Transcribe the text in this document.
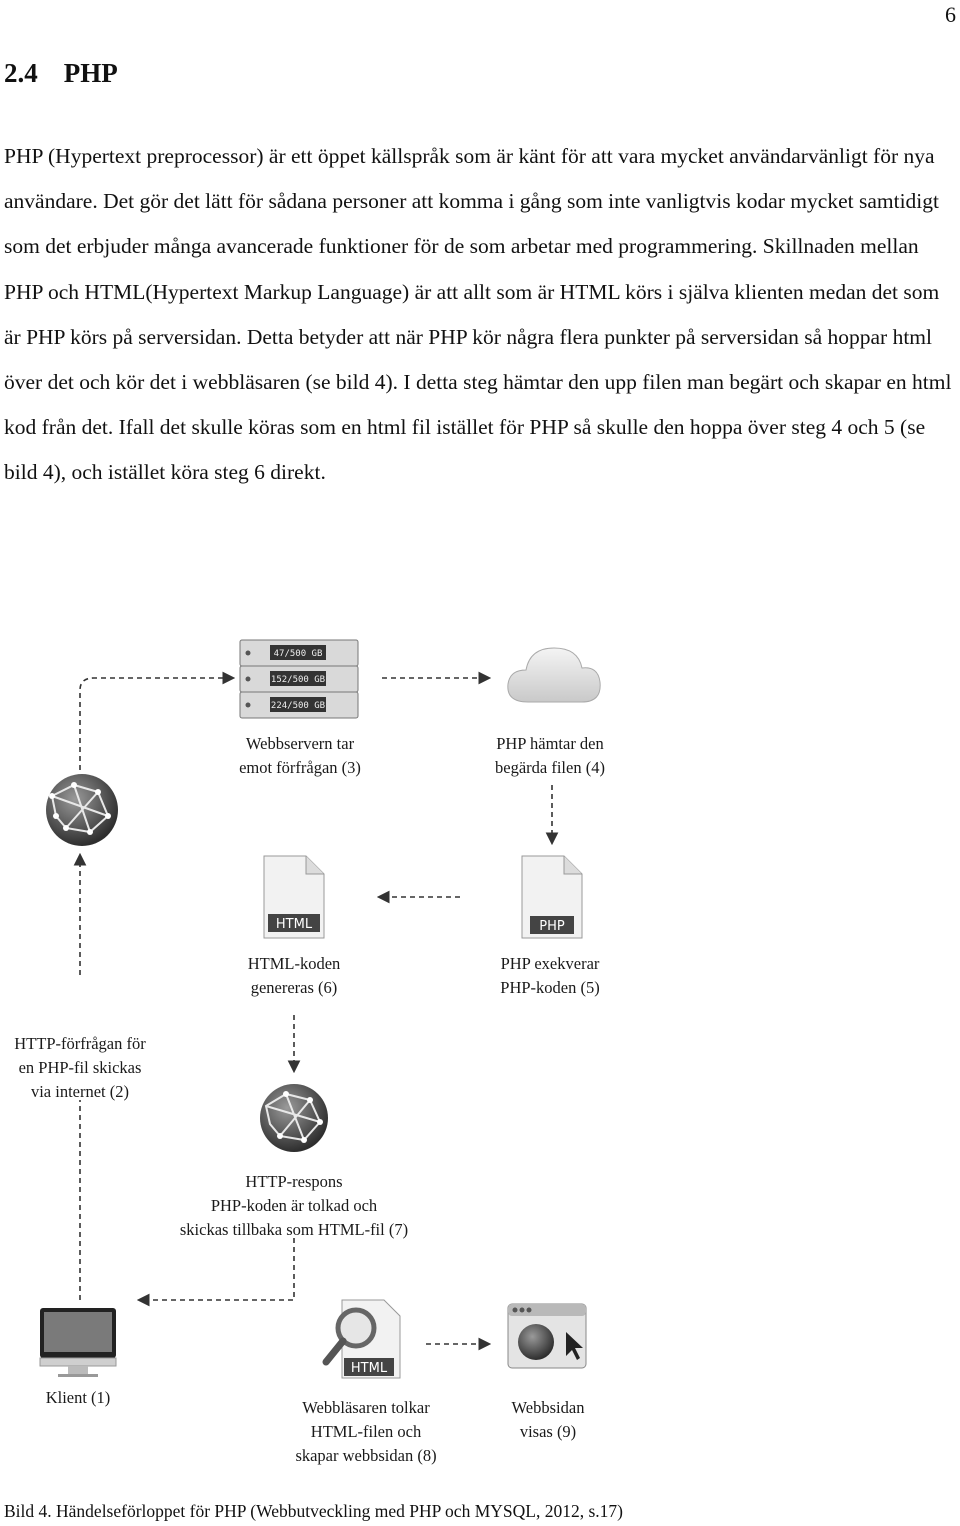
6
2.4 PHP

PHP (Hypertext preprocessor) är ett öppet källspråk som är känt för att vara mycket användarvänligt för nya användare. Det gör det lätt för sådana personer att komma i gång som inte vanligtvis kodar mycket samtidigt som det erbjuder många avancerade funktioner för de som arbetar med programmering. Skillnaden mellan PHP och HTML(Hypertext Markup Language) är att allt som är HTML körs i själva klienten medan det som är PHP körs på serversidan. Detta betyder att när PHP kör några flera punkter på serversidan så hoppar html över det och kör det i webbläsaren (se bild 4). I detta steg hämtar den upp filen man begärt och skapar en html kod från det. Ifall det skulle köras som en html fil istället för PHP så skulle den hoppa över steg 4 och 5 (se bild 4), och istället köra steg 6 direkt.

47/500 GB
152/500 GB
224/500 GB
HTML	PHP
HTML
Webbservern tar
emot förfrågan (3)
PHP hämtar den
begärda filen (4)
HTML-koden
genereras (6)
PHP exekverar
PHP-koden (5)
HTTP-förfrågan för
en PHP-fil skickas
via internet (2)
HTTP-respons
PHP-koden är tolkad och
skickas tillbaka som HTML-fil (7)
Klient (1)
Webbläsaren tolkar
HTML-filen och
skapar webbsidan (8)
Webbsidan
visas (9)

Bild 4. Händelseförloppet för PHP (Webbutveckling med PHP och MYSQL, 2012, s.17)
